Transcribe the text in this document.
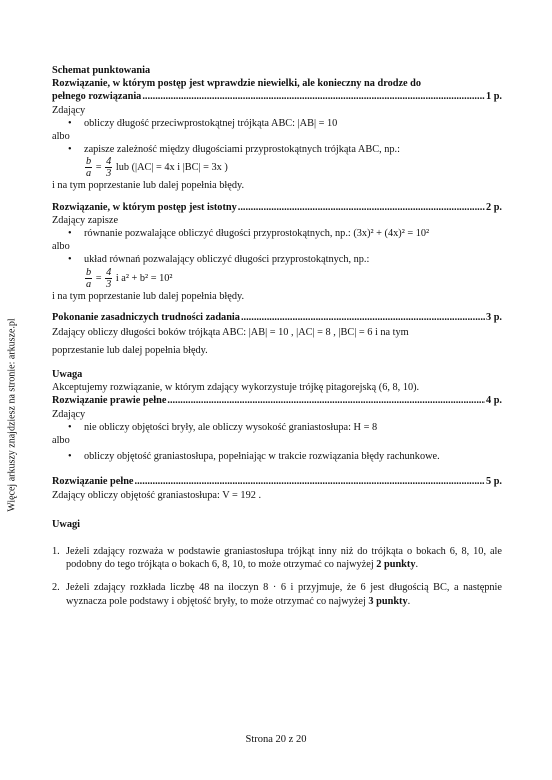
Więcej arkuszy znajdziesz na stronie: arkusze.pl
Schemat punktowania
Rozwiązanie, w którym postęp jest wprawdzie niewielki, ale konieczny na drodze do
pełnego rozwiązania .....	1 p.
Zdający
• obliczy długość przeciwprostokątnej trójkąta ABC: |AB| = 10
albo
• zapisze zależność między długościami przyprostokątnych trójkąta ABC, np.:
$\frac{b}{a} = \frac{4}{3}$ lub (|AC| = 4x i |BC| = 3x )
i na tym poprzestanie lub dalej popełnia błędy.
Rozwiązanie, w którym postęp jest istotny .....	2 p.
Zdający zapisze
• równanie pozwalające obliczyć długości przyprostokątnych, np.: (3x)² + (4x)² = 10²
albo
• układ równań pozwalający obliczyć długości przyprostokątnych, np.:
$\frac{b}{a} = \frac{4}{3}$ i a² + b² = 10²
i na tym poprzestanie lub dalej popełnia błędy.
Pokonanie zasadniczych trudności zadania .....	3 p.
Zdający obliczy długości boków trójkąta ABC: |AB| = 10 , |AC| = 8 , |BC| = 6 i na tym
poprzestanie lub dalej popełnia błędy.
Uwaga
Akceptujemy rozwiązanie, w którym zdający wykorzystuje trójkę pitagorejską (6, 8, 10).
Rozwiązanie prawie pełne .....	4 p.
Zdający
• nie obliczy objętości bryły, ale obliczy wysokość graniastosłupa: H = 8
albo
• obliczy objętość graniastosłupa, popełniając w trakcie rozwiązania błędy rachunkowe.
Rozwiązanie pełne .....	5 p.
Zdający obliczy objętość graniastosłupa: V = 192 .
Uwagi
1. Jeżeli zdający rozważa w podstawie graniastosłupa trójkąt inny niż do trójkąta o bokach 6, 8, 10, ale podobny do tego trójkąta o bokach 6, 8, 10, to może otrzymać co najwyżej 2 punkty.
2. Jeżeli zdający rozkłada liczbę 48 na iloczyn 8 · 6 i przyjmuje, że 6 jest długością BC, a następnie wyznacza pole podstawy i objętość bryły, to może otrzymać co najwyżej 3 punkty.
Strona 20 z 20
